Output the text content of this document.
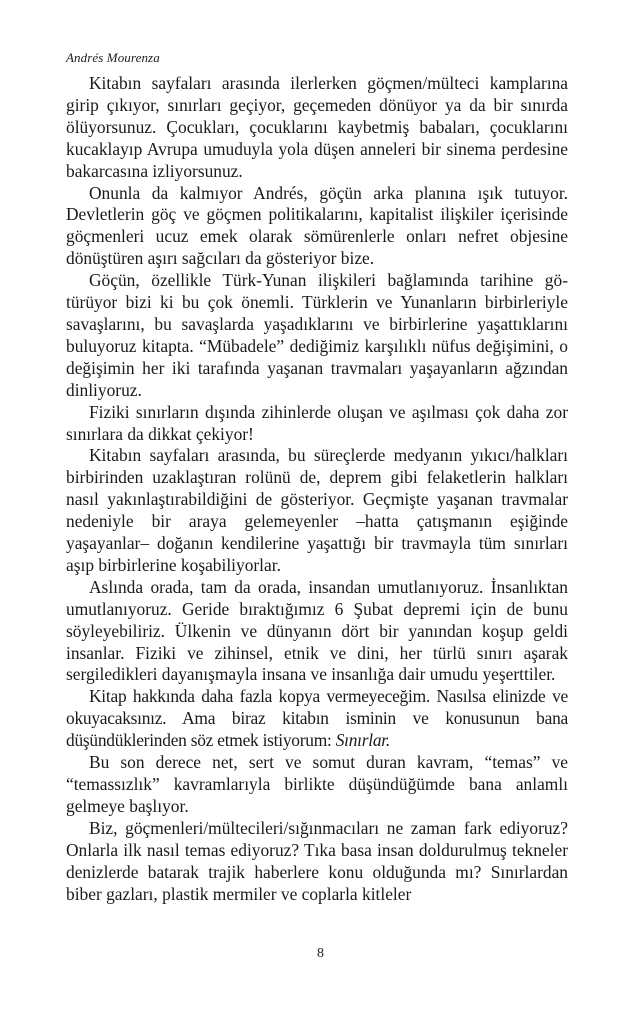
Andrés Mourenza

Kitabın sayfaları arasında ilerlerken göçmen/mülteci kamplarına girip çıkıyor, sınırları geçiyor, geçemeden dönüyor ya da bir sınırda ölüyorsunuz. Çocukları, çocuklarını kaybetmiş babaları, çocuklarını kucaklayıp Avrupa umuduyla yola düşen anneleri bir sinema perdesine bakarcasına izliyorsunuz.

Onunla da kalmıyor Andrés, göçün arka planına ışık tutuyor. Devletlerin göç ve göçmen politikalarını, kapitalist ilişkiler içerisinde göçmenleri ucuz emek olarak sömürenlerle onları nefret objesine dönüştüren aşırı sağcıları da gösteriyor bize.

Göçün, özellikle Türk-Yunan ilişkileri bağlamında tarihine götürüyor bizi ki bu çok önemli. Türklerin ve Yunanların birbirleriyle savaşlarını, bu savaşlarda yaşadıklarını ve birbirlerine yaşattıklarını buluyoruz kitapta. “Mübadele” dediğimiz karşılıklı nüfus değişimini, o değişimin her iki tarafında yaşanan travmaları yaşayanların ağzından dinliyoruz.

Fiziki sınırların dışında zihinlerde oluşan ve aşılması çok daha zor sınırlara da dikkat çekiyor!

Kitabın sayfaları arasında, bu süreçlerde medyanın yıkıcı/halkları birbirinden uzaklaştıran rolünü de, deprem gibi felaketlerin halkları nasıl yakınlaştırabildiğini de gösteriyor. Geçmişte yaşanan travmalar nedeniyle bir araya gelemeyenler –hatta çatışmanın eşiğinde yaşayanlar– doğanın kendilerine yaşattığı bir travmayla tüm sınırları aşıp birbirlerine koşabiliyorlar.

Aslında orada, tam da orada, insandan umutlanıyoruz. İnsanlıktan umutlanıyoruz. Geride bıraktığımız 6 Şubat depremi için de bunu söyleyebiliriz. Ülkenin ve dünyanın dört bir yanından koşup geldi insanlar. Fiziki ve zihinsel, etnik ve dini, her türlü sınırı aşarak sergiledikleri dayanışmayla insana ve insanlığa dair umudu yeşerttiler.

Kitap hakkında daha fazla kopya vermeyeceğim. Nasılsa elinizde ve okuyacaksınız. Ama biraz kitabın isminin ve konusunun bana düşündüklerinden söz etmek istiyorum: Sınırlar.

Bu son derece net, sert ve somut duran kavram, “temas” ve “temassızlık” kavramlarıyla birlikte düşündüğümde bana anlamlı gelmeye başlıyor.

Biz, göçmenleri/mültecileri/sığınmacıları ne zaman fark ediyoruz? Onlarla ilk nasıl temas ediyoruz? Tıka basa insan doldurulmuş tekneler denizlerde batarak trajik haberlere konu olduğunda mı? Sınırlardan biber gazları, plastik mermiler ve coplarla kitleler

8
